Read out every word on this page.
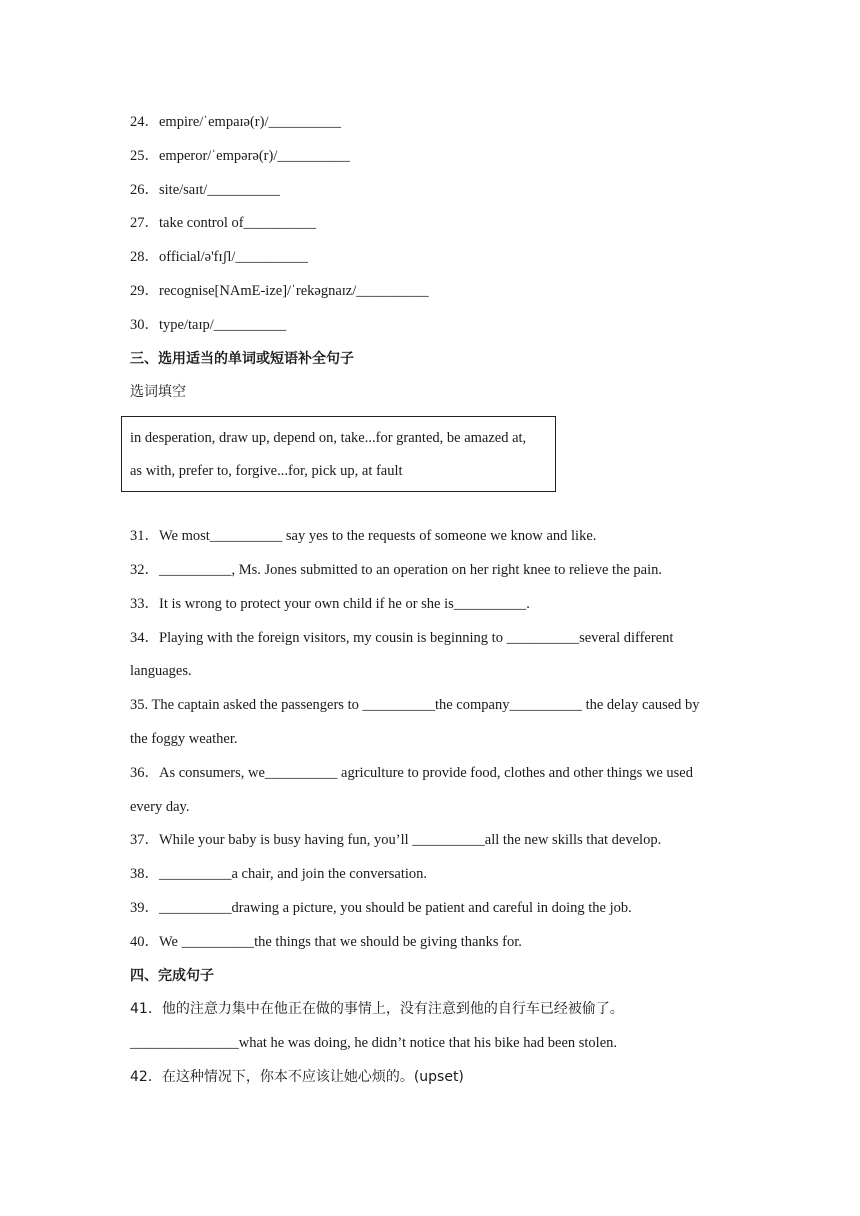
24．empire/ˈempaɪə(r)/__________
25．emperor/ˈempərə(r)/__________
26．site/saɪt/__________
27．take control of__________
28．official/ə'fɪʃl/__________
29．recognise[NAmE-ize]/ˈrekəgnaɪz/__________
30．type/taɪp/__________
三、选用适当的单词或短语补全句子
选词填空
in desperation, draw up, depend on, take...for granted, be amazed at,
as with, prefer to, forgive...for, pick up, at fault
31．We most__________ say yes to the requests of someone we know and like.
32．__________, Ms. Jones submitted to an operation on her right knee to relieve the pain.
33．It is wrong to protect your own child if he or she is__________.
34．Playing with the foreign visitors, my cousin is beginning to __________several different
languages.
35. The captain asked the passengers to __________the company__________ the delay caused by
the foggy weather.
36．As consumers, we__________ agriculture to provide food, clothes and other things we used
every day.
37．While your baby is busy having fun, you’ll __________all the new skills that develop.
38．__________a chair, and join the conversation.
39．__________drawing a picture, you should be patient and careful in doing the job.
40．We __________the things that we should be giving thanks for.
四、完成句子
41．他的注意力集中在他正在做的事情上，没有注意到他的自行车已经被偷了。
_______________what he was doing, he didn’t notice that his bike had been stolen.
42．在这种情况下，你本不应该让她心烦的。(upset)
